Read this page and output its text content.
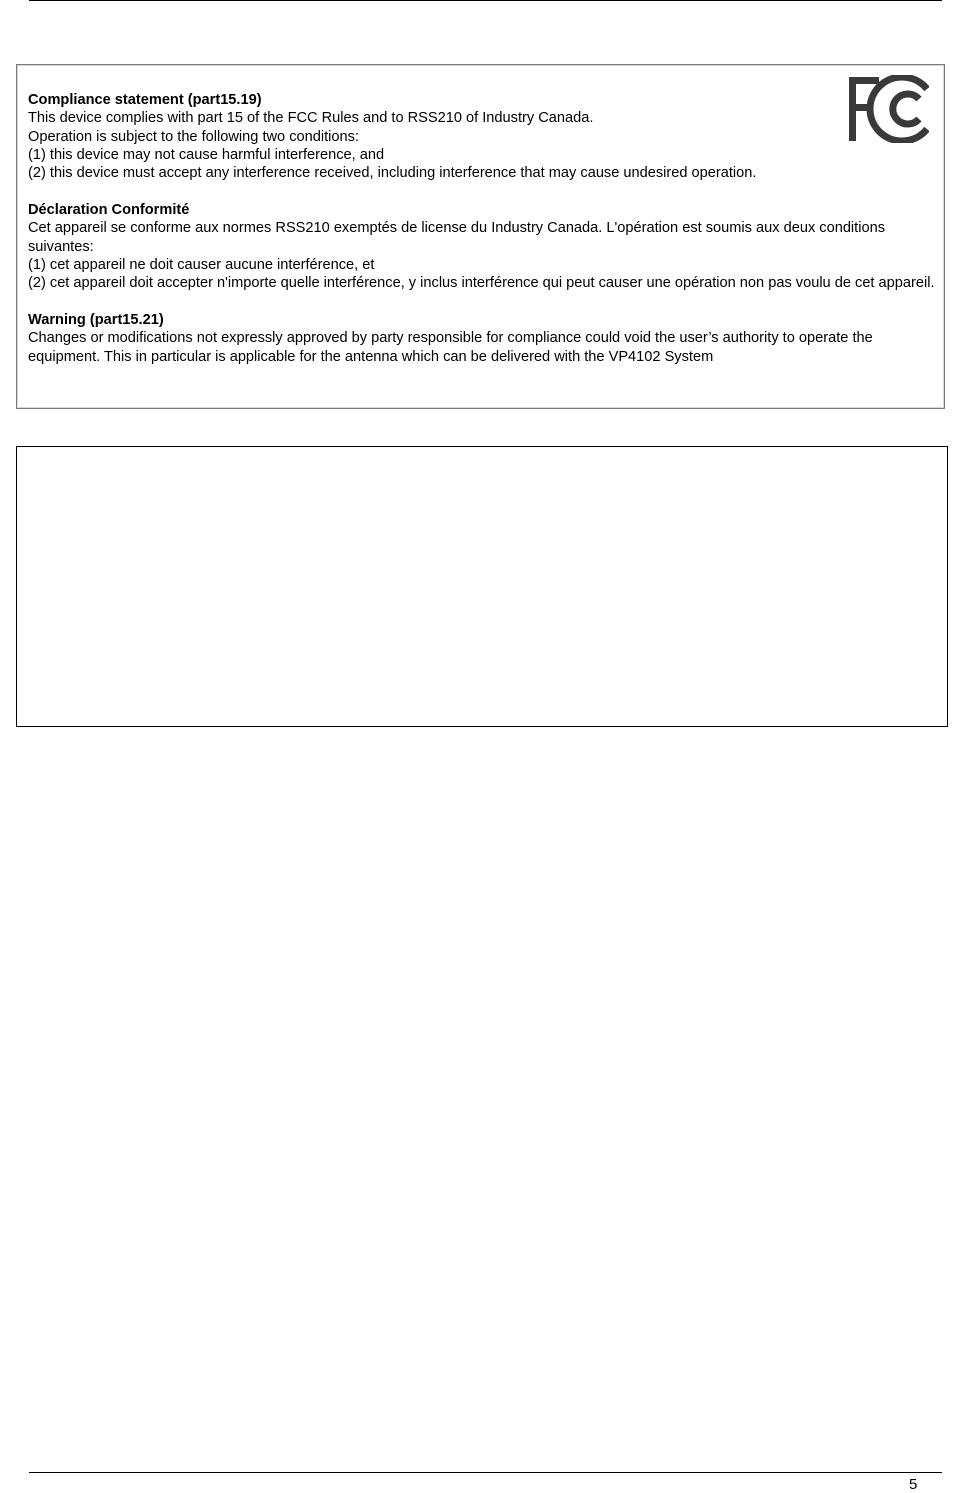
Compliance statement (part15.19)
This device complies with part 15 of the FCC Rules and to RSS210 of Industry Canada.
Operation is subject to the following two conditions:
(1) this device may not cause harmful interference, and
(2) this device must accept any interference received, including interference that may cause undesired operation.
Déclaration Conformité
Cet appareil se conforme aux normes RSS210 exemptés de license du Industry Canada. L'opération est soumis aux deux conditions suivantes:
(1) cet appareil ne doit causer aucune interférence, et
(2) cet appareil doit accepter n'importe quelle interférence, y inclus interférence qui peut causer une opération non pas voulu de cet appareil.
Warning (part15.21)
Changes or modifications not expressly approved by party responsible for compliance could void the user’s authority to operate the equipment. This in particular is applicable for the antenna which can be delivered with the VP4102 System
5
